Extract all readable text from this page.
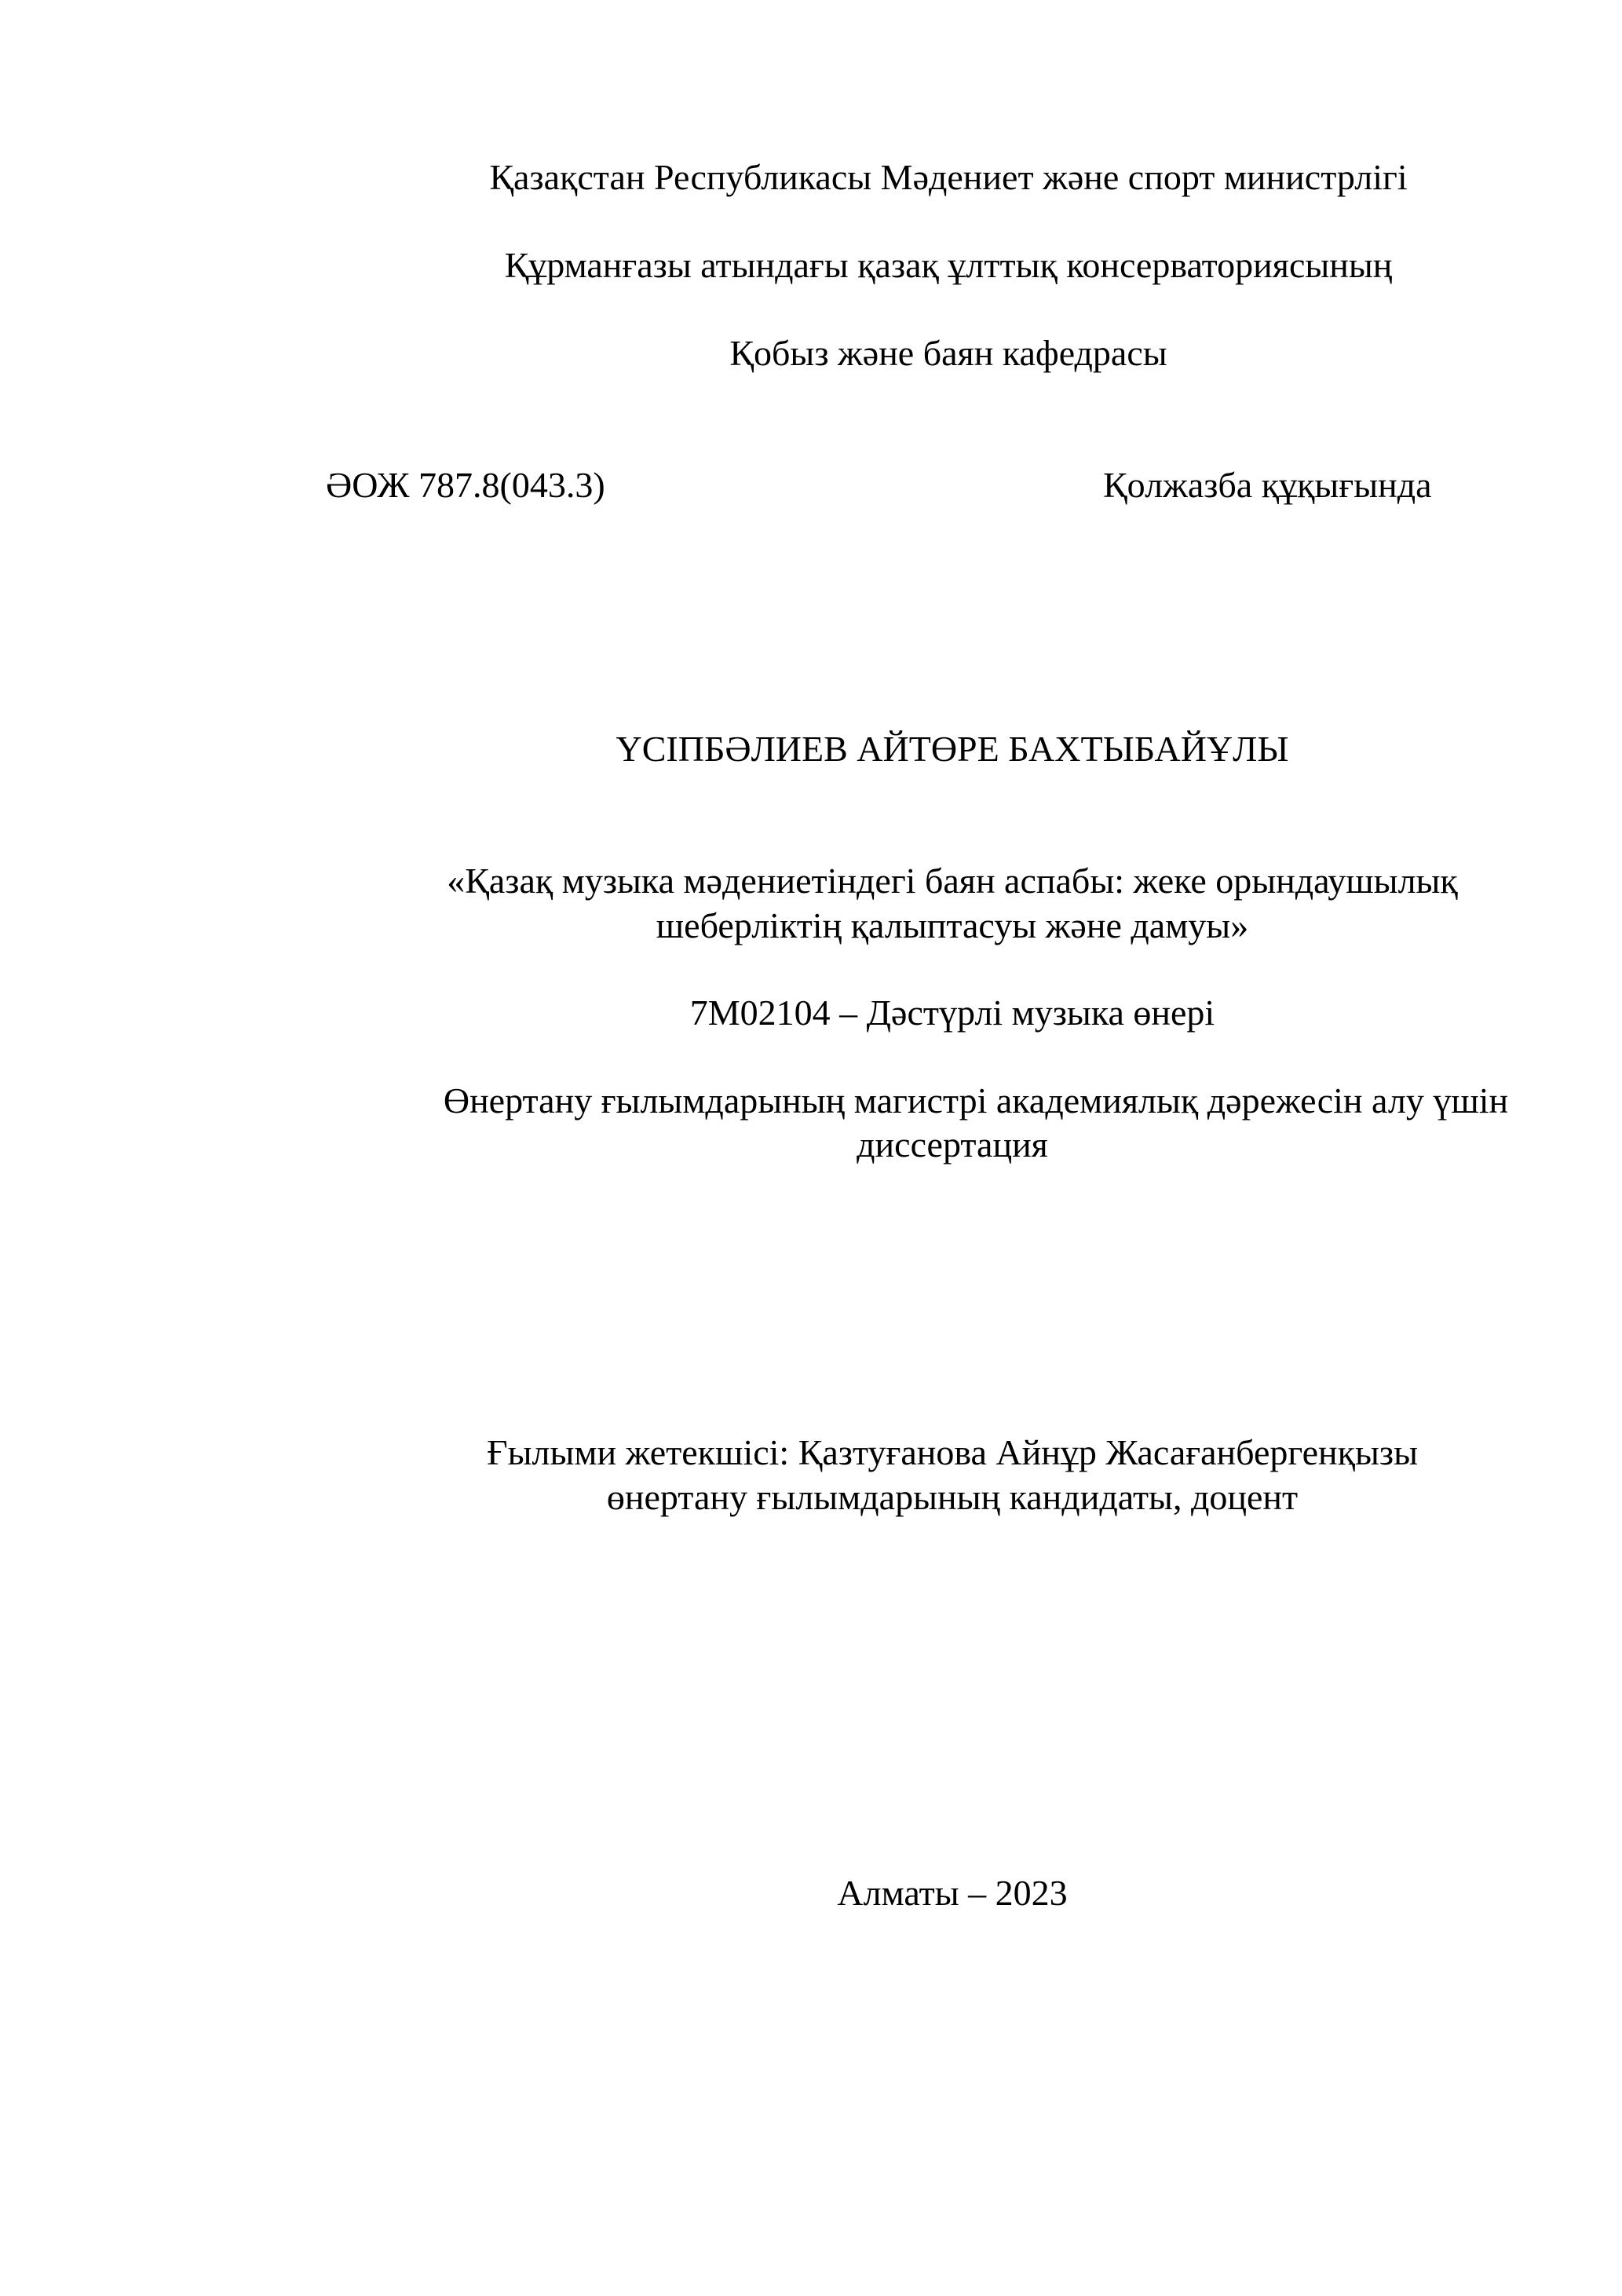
Қазақстан Республикасы Мәдениет және спорт министрлігі
Құрманғазы атындағы қазақ ұлттық консерваториясының
Қобыз және баян кафедрасы
ӘОЖ 787.8(043.3)	Қолжазба құқығында
ҮСІПБӘЛИЕВ АЙТӨРЕ БАХТЫБАЙҰЛЫ
«Қазақ музыка мәдениетіндегі баян аспабы: жеке орындаушылық
шеберліктің қалыптасуы және дамуы»
7M02104 – Дәстүрлі музыка өнері
Өнертану ғылымдарының магистрі академиялық дәрежесін алу үшін
диссертация
Ғылыми жетекшісі: Қазтуғанова Айнұр Жасағанбергенқызы
өнертану ғылымдарының кандидаты, доцент
Алматы – 2023
